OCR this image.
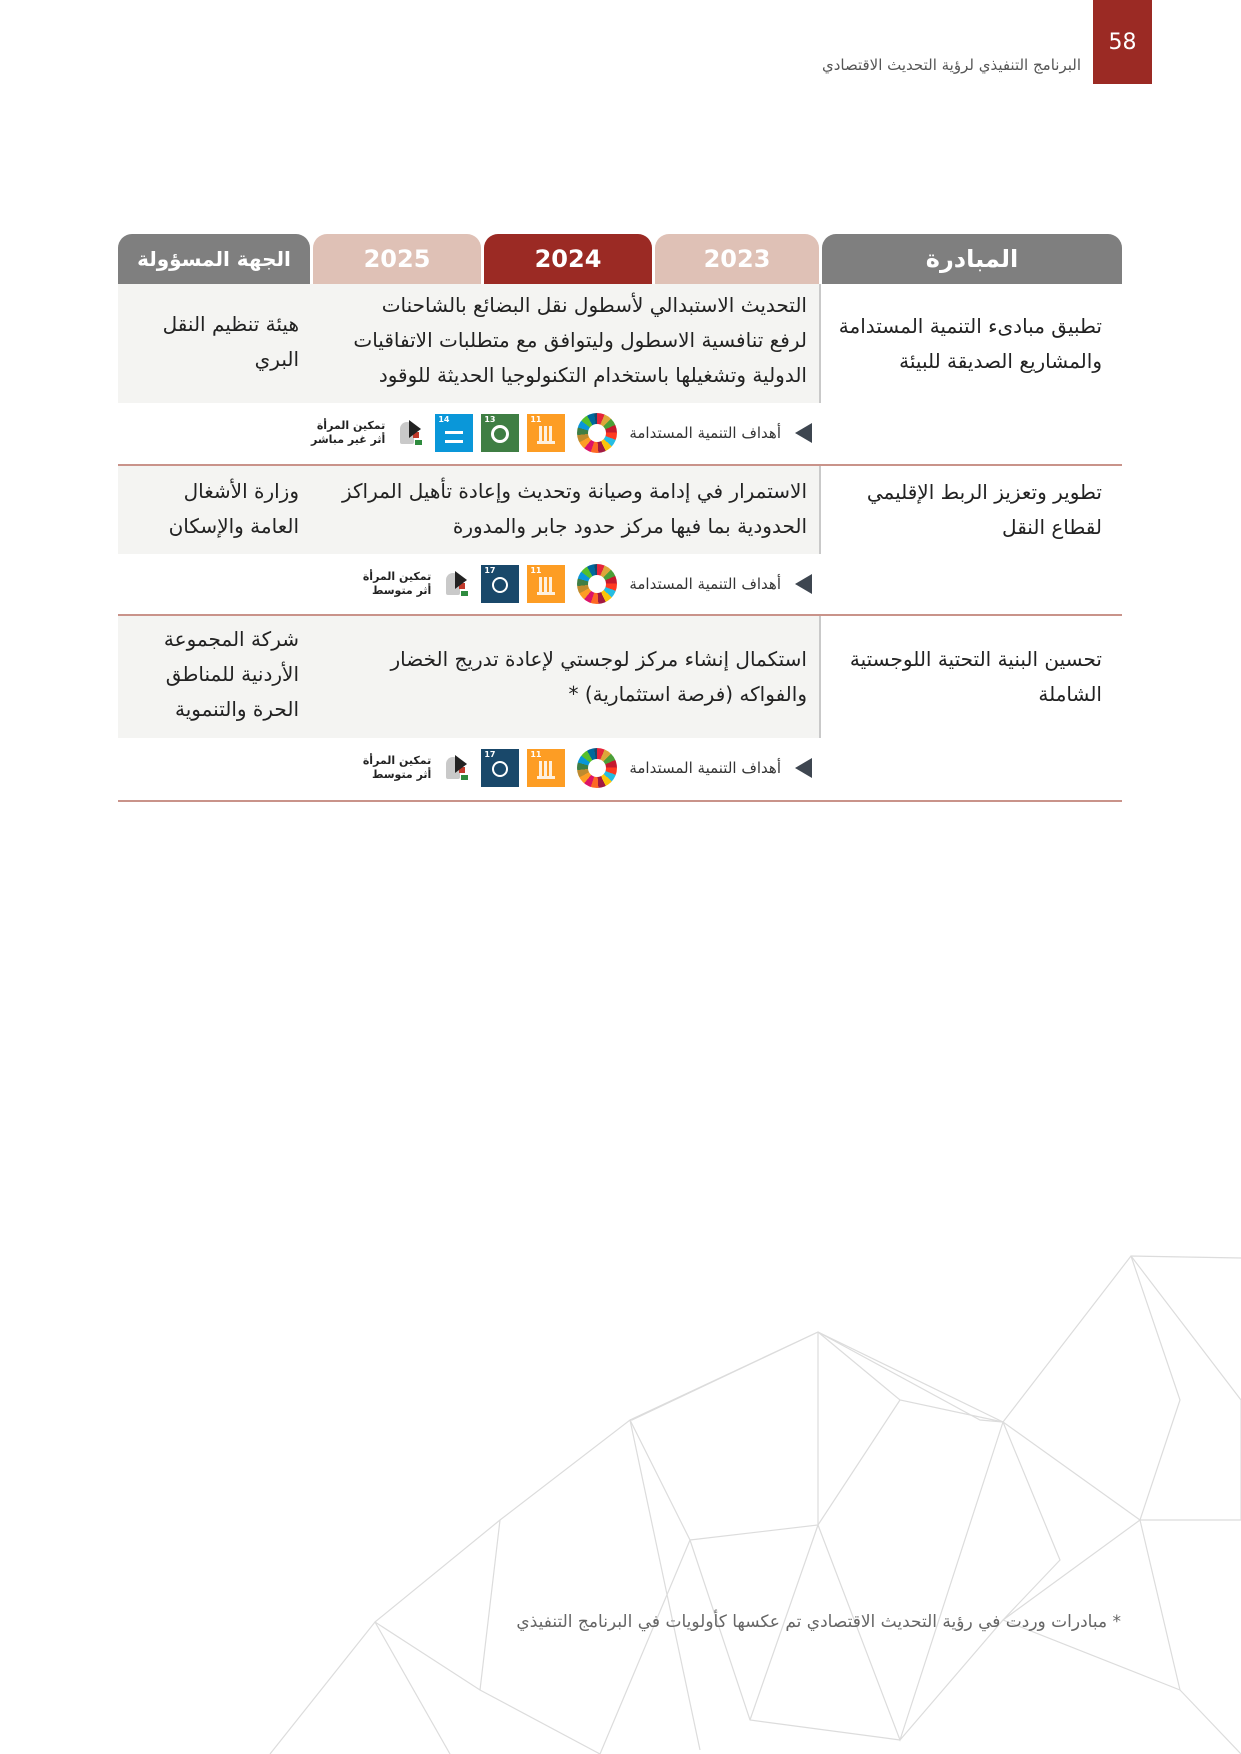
58
البرنامج التنفيذي لرؤية التحديث الاقتصادي
المبادرة
2023
2024
2025
الجهة المسؤولة
التحديث الاستبدالي لأسطول نقل البضائع بالشاحنات
لرفع تنافسية الاسطول وليتوافق مع متطلبات الاتفاقيات
الدولية وتشغيلها باستخدام التكنولوجيا الحديثة للوقود
هيئة تنظيم النقل
البري
تطبيق مبادىء التنمية المستدامة
والمشاريع الصديقة للبيئة
أهداف التنمية المستدامة
11
13
14
تمكين المرأة
أثر غير مباشر
الاستمرار في إدامة وصيانة وتحديث وإعادة تأهيل المراكز
الحدودية بما فيها مركز حدود جابر والمدورة
وزارة الأشغال
العامة والإسكان
تطوير وتعزيز الربط الإقليمي
لقطاع النقل
أهداف التنمية المستدامة
11
17
تمكين المرأة
أثر متوسط
استكمال إنشاء مركز لوجستي لإعادة تدريج الخضار
والفواكه (فرصة استثمارية) *
شركة المجموعة
الأردنية للمناطق
الحرة والتنموية
تحسين البنية التحتية اللوجستية
الشاملة
أهداف التنمية المستدامة
11
17
تمكين المرأة
أثر متوسط
* مبادرات وردت في رؤية التحديث الاقتصادي تم عكسها كأولويات في البرنامج التنفيذي
